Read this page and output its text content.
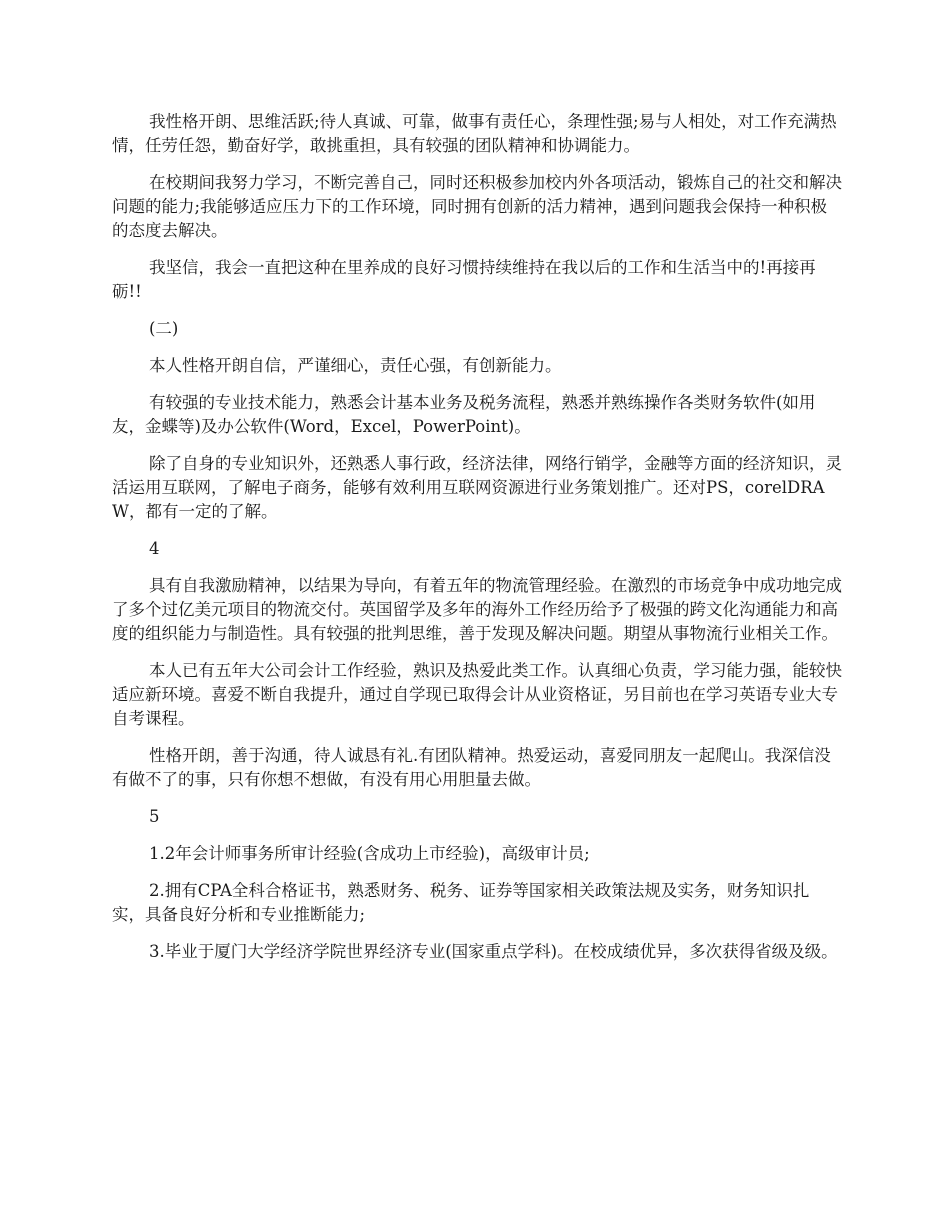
我性格开朗、思维活跃;待人真诚、可靠，做事有责任心，条理性强;易与人相处，对工作充满热情，任劳任怨，勤奋好学，敢挑重担，具有较强的团队精神和协调能力。

在校期间我努力学习，不断完善自己，同时还积极参加校内外各项活动，锻炼自己的社交和解决问题的能力;我能够适应压力下的工作环境，同时拥有创新的活力精神，遇到问题我会保持一种积极的态度去解决。

我坚信，我会一直把这种在里养成的良好习惯持续维持在我以后的工作和生活当中的!再接再砺!!

(二)

本人性格开朗自信，严谨细心，责任心强，有创新能力。

有较强的专业技术能力，熟悉会计基本业务及税务流程，熟悉并熟练操作各类财务软件(如用友，金蝶等)及办公软件(Word，Excel，PowerPoint)。

除了自身的专业知识外，还熟悉人事行政，经济法律，网络行销学，金融等方面的经济知识，灵活运用互联网，了解电子商务，能够有效利用互联网资源进行业务策划推广。还对PS，corelDRAW，都有一定的了解。

4

具有自我激励精神，以结果为导向，有着五年的物流管理经验。在激烈的市场竞争中成功地完成了多个过亿美元项目的物流交付。英国留学及多年的海外工作经历给予了极强的跨文化沟通能力和高度的组织能力与制造性。具有较强的批判思维，善于发现及解决问题。期望从事物流行业相关工作。

本人已有五年大公司会计工作经验，熟识及热爱此类工作。认真细心负责，学习能力强，能较快适应新环境。喜爱不断自我提升，通过自学现已取得会计从业资格证，另目前也在学习英语专业大专自考课程。

性格开朗，善于沟通，待人诚恳有礼.有团队精神。热爱运动，喜爱同朋友一起爬山。我深信没有做不了的事，只有你想不想做，有没有用心用胆量去做。

5

1.2年会计师事务所审计经验(含成功上市经验)，高级审计员;

2.拥有CPA全科合格证书，熟悉财务、税务、证券等国家相关政策法规及实务，财务知识扎实，具备良好分析和专业推断能力;

3.毕业于厦门大学经济学院世界经济专业(国家重点学科)。在校成绩优异，多次获得省级及级。
